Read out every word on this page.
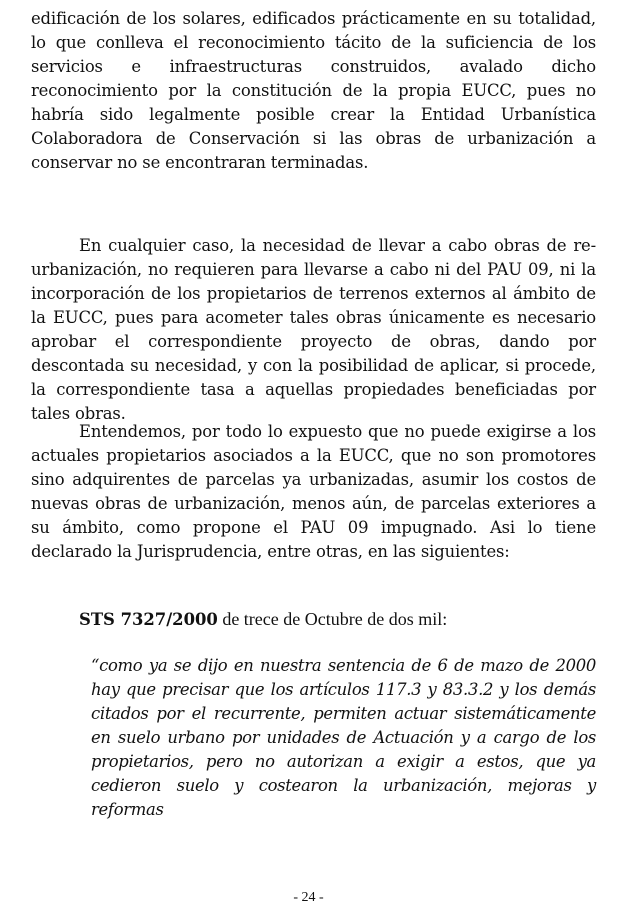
edificación de los solares, edificados prácticamente en su totalidad, lo que conlleva el reconocimiento tácito de la suficiencia de los servicios e infraestructuras construidos, avalado dicho reconocimiento por la constitución de la propia EUCC, pues no habría sido legalmente posible crear la Entidad Urbanística Colaboradora de Conservación si las obras de urbanización a conservar no se encontraran terminadas.

En cualquier caso, la necesidad de llevar a cabo obras de re-urbanización, no requieren para llevarse a cabo ni del PAU 09, ni la incorporación de los propietarios de terrenos externos al ámbito de la EUCC, pues para acometer tales obras únicamente es necesario aprobar el correspondiente proyecto de obras, dando por descontada su necesidad, y con la posibilidad de aplicar, si procede, la correspondiente tasa a aquellas propiedades beneficiadas por tales obras.

Entendemos, por todo lo expuesto que no puede exigirse a los actuales propietarios asociados a la EUCC, que no son promotores sino adquirentes de parcelas ya urbanizadas, asumir los costos de nuevas obras de urbanización, menos aún, de parcelas exteriores a su ámbito, como propone el PAU 09 impugnado. Asi lo tiene declarado la Jurisprudencia, entre otras, en las siguientes:

STS 7327/2000 de trece de Octubre de dos mil:

“como ya se dijo en nuestra sentencia de 6 de mazo de 2000 hay que precisar que los artículos 117.3 y 83.3.2 y los demás citados por el recurrente, permiten actuar sistemáticamente en suelo urbano por unidades de Actuación y a cargo de los propietarios, pero no autorizan a exigir a estos, que ya cedieron suelo y costearon la urbanización, mejoras y reformas

- 24 -
